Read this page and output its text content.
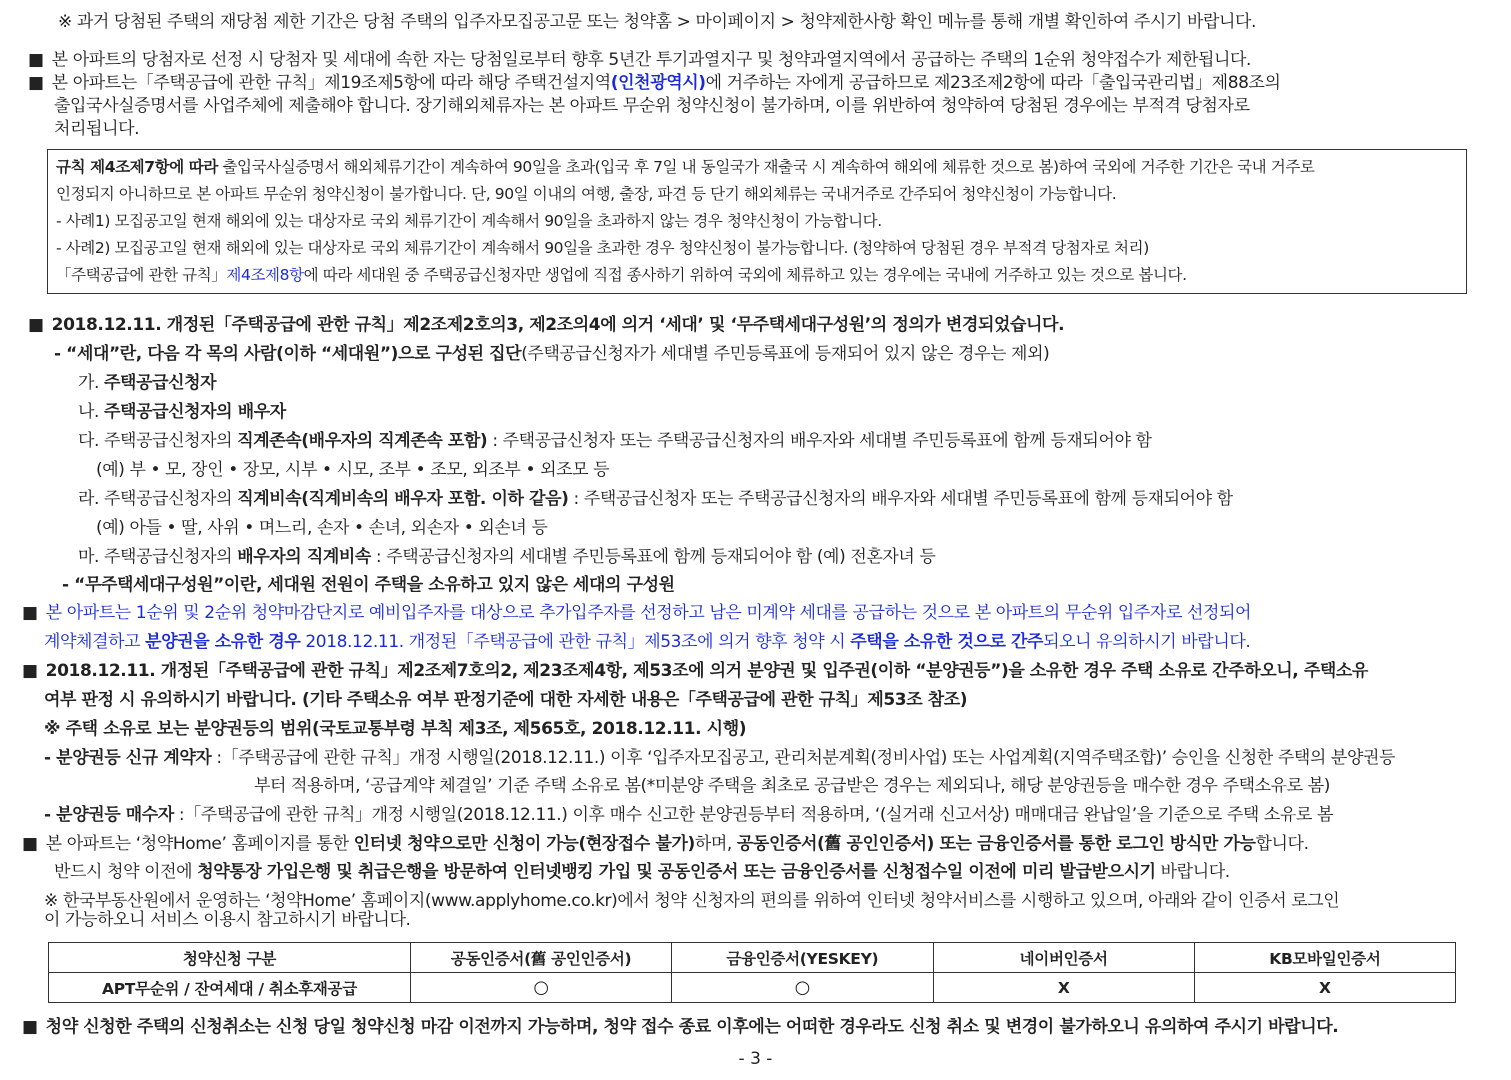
※ 과거 당첨된 주택의 재당첨 제한 기간은 당첨 주택의 입주자모집공고문 또는 청약홈 > 마이페이지 > 청약제한사항 확인 메뉴를 통해 개별 확인하여 주시기 바랍니다.
■ 본 아파트의 당첨자로 선정 시 당첨자 및 세대에 속한 자는 당첨일로부터 향후 5년간 투기과열지구 및 청약과열지역에서 공급하는 주택의 1순위 청약접수가 제한됩니다.
■ 본 아파트는「주택공급에 관한 규칙」제19조제5항에 따라 해당 주택건설지역(인천광역시)에 거주하는 자에게 공급하므로 제23조제2항에 따라「출입국관리법」제88조의
출입국사실증명서를 사업주체에 제출해야 합니다. 장기해외체류자는 본 아파트 무순위 청약신청이 불가하며, 이를 위반하여 청약하여 당첨된 경우에는 부적격 당첨자로
처리됩니다.
규칙 제4조제7항에 따라 출입국사실증명서 해외체류기간이 계속하여 90일을 초과(입국 후 7일 내 동일국가 재출국 시 계속하여 해외에 체류한 것으로 봄)하여 국외에 거주한 기간은 국내 거주로
인정되지 아니하므로 본 아파트 무순위 청약신청이 불가합니다. 단, 90일 이내의 여행, 출장, 파견 등 단기 해외체류는 국내거주로 간주되어 청약신청이 가능합니다.
- 사례1) 모집공고일 현재 해외에 있는 대상자로 국외 체류기간이 계속해서 90일을 초과하지 않는 경우 청약신청이 가능합니다.
- 사례2) 모집공고일 현재 해외에 있는 대상자로 국외 체류기간이 계속해서 90일을 초과한 경우 청약신청이 불가능합니다. (청약하여 당첨된 경우 부적격 당첨자로 처리)
「주택공급에 관한 규칙」제4조제8항에 따라 세대원 중 주택공급신청자만 생업에 직접 종사하기 위하여 국외에 체류하고 있는 경우에는 국내에 거주하고 있는 것으로 봅니다.
■ 2018.12.11. 개정된「주택공급에 관한 규칙」제2조제2호의3, 제2조의4에 의거 ‘세대’ 및 ‘무주택세대구성원’의 정의가 변경되었습니다.
- “세대”란, 다음 각 목의 사람(이하 “세대원”)으로 구성된 집단(주택공급신청자가 세대별 주민등록표에 등재되어 있지 않은 경우는 제외)
가. 주택공급신청자
나. 주택공급신청자의 배우자
다. 주택공급신청자의 직계존속(배우자의 직계존속 포함) : 주택공급신청자 또는 주택공급신청자의 배우자와 세대별 주민등록표에 함께 등재되어야 함
(예) 부 • 모, 장인 • 장모, 시부 • 시모, 조부 • 조모, 외조부 • 외조모 등
라. 주택공급신청자의 직계비속(직계비속의 배우자 포함. 이하 같음) : 주택공급신청자 또는 주택공급신청자의 배우자와 세대별 주민등록표에 함께 등재되어야 함
(예) 아들 • 딸, 사위 • 며느리, 손자 • 손녀, 외손자 • 외손녀 등
마. 주택공급신청자의 배우자의 직계비속 : 주택공급신청자의 세대별 주민등록표에 함께 등재되어야 함 (예) 전혼자녀 등
- “무주택세대구성원”이란, 세대원 전원이 주택을 소유하고 있지 않은 세대의 구성원
■ 본 아파트는 1순위 및 2순위 청약마감단지로 예비입주자를 대상으로 추가입주자를 선정하고 남은 미계약 세대를 공급하는 것으로 본 아파트의 무순위 입주자로 선정되어
계약체결하고 분양권을 소유한 경우 2018.12.11. 개정된「주택공급에 관한 규칙」제53조에 의거 향후 청약 시 주택을 소유한 것으로 간주되오니 유의하시기 바랍니다.
■ 2018.12.11. 개정된「주택공급에 관한 규칙」제2조제7호의2, 제23조제4항, 제53조에 의거 분양권 및 입주권(이하 “분양권등”)을 소유한 경우 주택 소유로 간주하오니, 주택소유
여부 판정 시 유의하시기 바랍니다. (기타 주택소유 여부 판정기준에 대한 자세한 내용은「주택공급에 관한 규칙」제53조 참조)
※ 주택 소유로 보는 분양권등의 범위(국토교통부령 부칙 제3조, 제565호, 2018.12.11. 시행)
- 분양권등 신규 계약자 :「주택공급에 관한 규칙」개정 시행일(2018.12.11.) 이후 ‘입주자모집공고, 관리처분계획(정비사업) 또는 사업계획(지역주택조합)’ 승인을 신청한 주택의 분양권등
부터 적용하며, ‘공급계약 체결일’ 기준 주택 소유로 봄(*미분양 주택을 최초로 공급받은 경우는 제외되나, 해당 분양권등을 매수한 경우 주택소유로 봄)
- 분양권등 매수자 :「주택공급에 관한 규칙」개정 시행일(2018.12.11.) 이후 매수 신고한 분양권등부터 적용하며, ‘(실거래 신고서상) 매매대금 완납일’을 기준으로 주택 소유로 봄
■ 본 아파트는 ‘청약Home’ 홈페이지를 통한 인터넷 청약으로만 신청이 가능(현장접수 불가)하며, 공동인증서(舊 공인인증서) 또는 금융인증서를 통한 로그인 방식만 가능합니다.
반드시 청약 이전에 청약통장 가입은행 및 취급은행을 방문하여 인터넷뱅킹 가입 및 공동인증서 또는 금융인증서를 신청접수일 이전에 미리 발급받으시기 바랍니다.
※ 한국부동산원에서 운영하는 ‘청약Home’ 홈페이지(www.applyhome.co.kr)에서 청약 신청자의 편의를 위하여 인터넷 청약서비스를 시행하고 있으며, 아래와 같이 인증서 로그인
이 가능하오니 서비스 이용시 참고하시기 바랍니다.
청약신청 구분	공동인증서(舊 공인인증서)	금융인증서(YESKEY)	네이버인증서	KB모바일인증서
APT무순위 / 잔여세대 / 취소후재공급	○	○	X	X
■ 청약 신청한 주택의 신청취소는 신청 당일 청약신청 마감 이전까지 가능하며, 청약 접수 종료 이후에는 어떠한 경우라도 신청 취소 및 변경이 불가하오니 유의하여 주시기 바랍니다.
- 3 -
